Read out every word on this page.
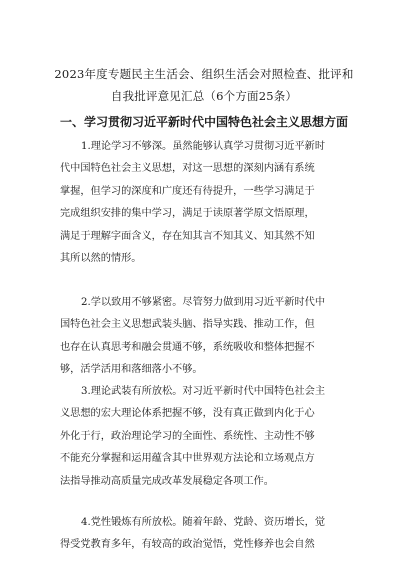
2023年度专题民主生活会、组织生活会对照检查、批评和
自我批评意见汇总（6个方面25条）
一、学习贯彻习近平新时代中国特色社会主义思想方面
1.理论学习不够深。虽然能够认真学习贯彻习近平新时
代中国特色社会主义思想，对这一思想的深刻内涵有系统
掌握，但学习的深度和广度还有待提升，一些学习满足于
完成组织安排的集中学习，满足于读原著学原文悟原理，
满足于理解字面含义，存在知其言不知其义、知其然不知
其所以然的情形。
2.学以致用不够紧密。尽管努力做到用习近平新时代中
国特色社会主义思想武装头脑、指导实践、推动工作，但
也存在认真思考和融会贯通不够，系统吸收和整体把握不
够，活学活用和落细落小不够。
3.理论武装有所放松。对习近平新时代中国特色社会主
义思想的宏大理论体系把握不够，没有真正做到内化于心
外化于行，政治理论学习的全面性、系统性、主动性不够
不能充分掌握和运用蕴含其中世界观方法论和立场观点方
法指导推动高质量完成改革发展稳定各项工作。
4.党性锻炼有所放松。随着年龄、党龄、资历增长，觉
得受党教育多年，有较高的政治觉悟，党性修养也会自然
